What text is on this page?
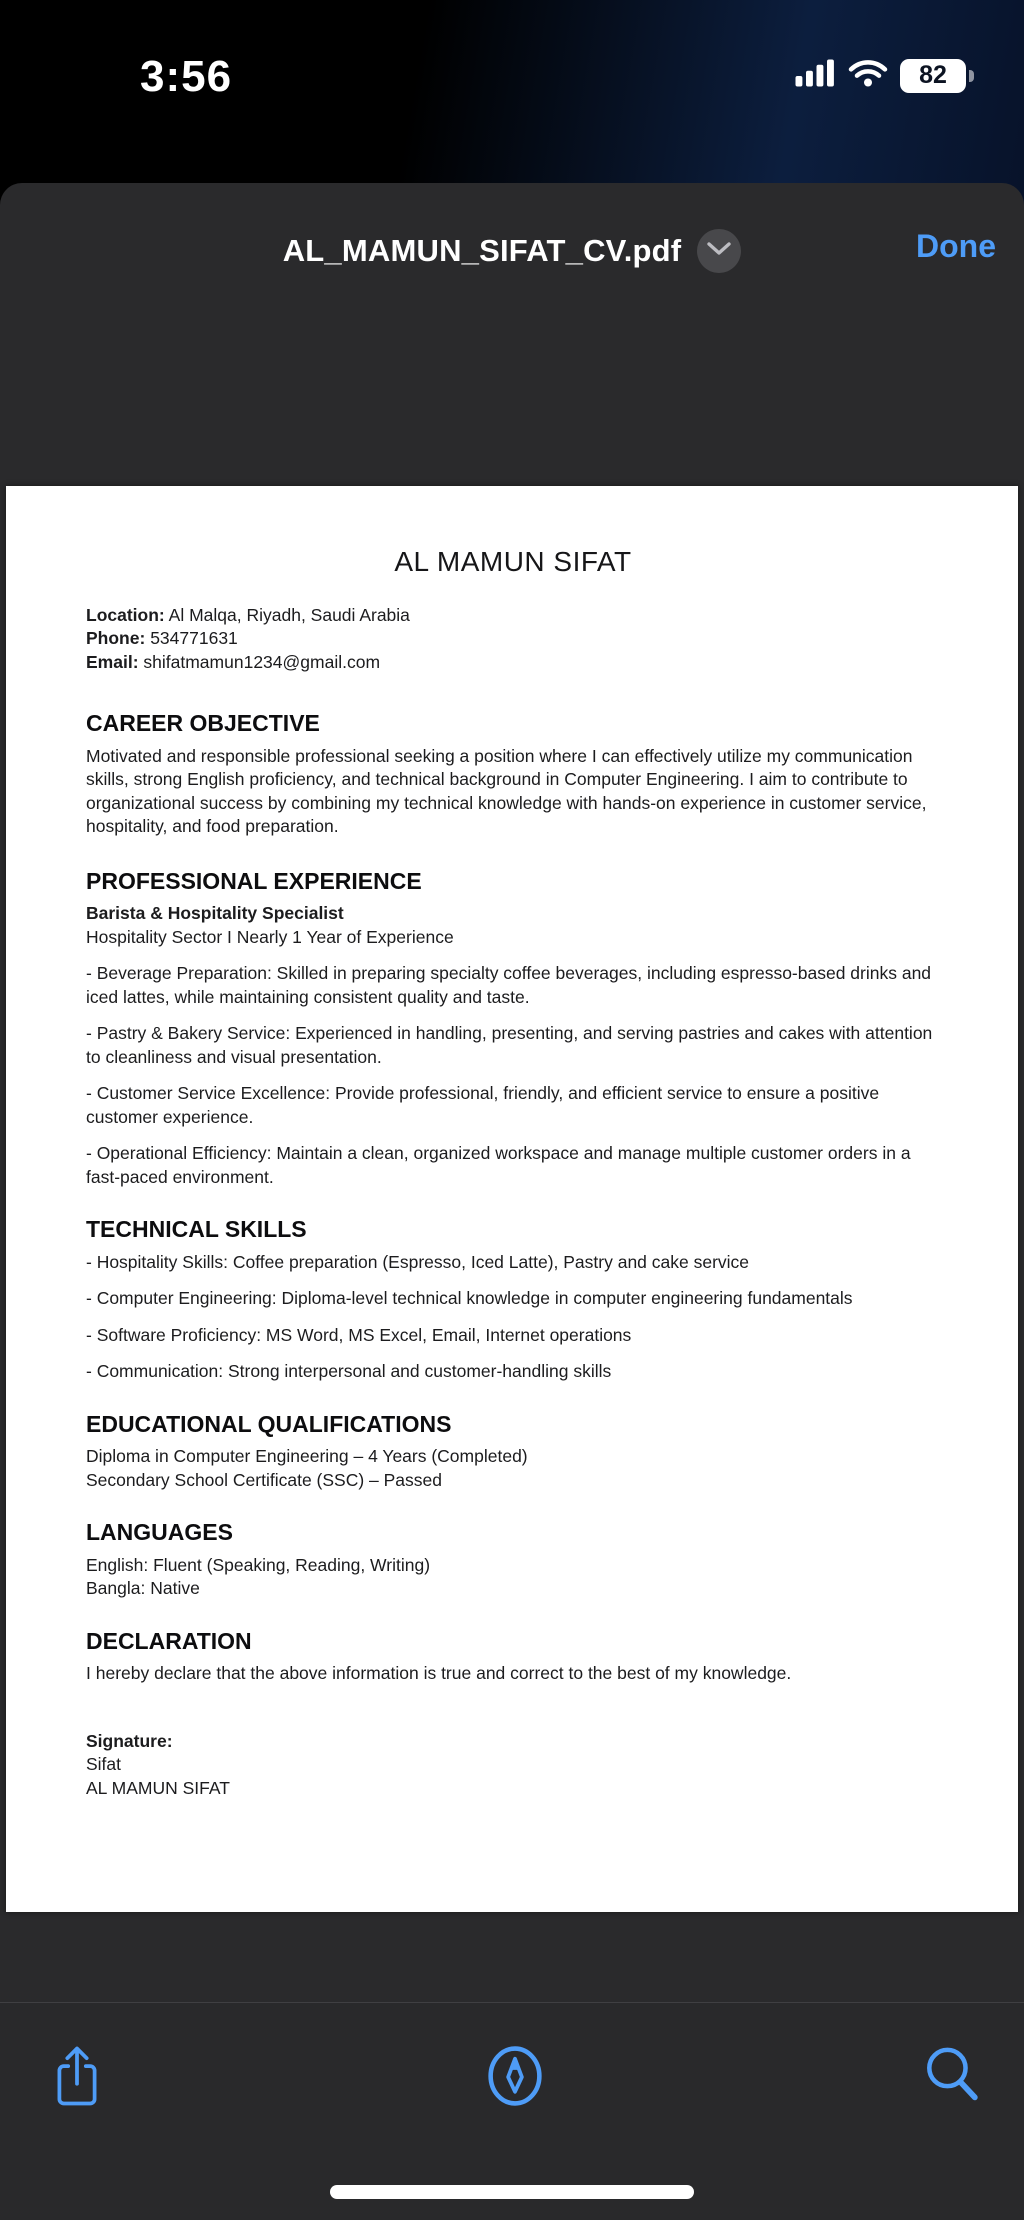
3:56	82
AL_MAMUN_SIFAT_CV.pdf	Done
AL MAMUN SIFAT

Location: Al Malqa, Riyadh, Saudi Arabia

Phone: 534771631

Email: shifatmamun1234@gmail.com

CAREER OBJECTIVE

Motivated and responsible professional seeking a position where I can effectively utilize my communication skills, strong English proficiency, and technical background in Computer Engineering. I aim to contribute to organizational success by combining my technical knowledge with hands-on experience in customer service, hospitality, and food preparation.

PROFESSIONAL EXPERIENCE

Barista & Hospitality Specialist

Hospitality Sector I Nearly 1 Year of Experience

- Beverage Preparation: Skilled in preparing specialty coffee beverages, including espresso-based drinks and iced lattes, while maintaining consistent quality and taste.

- Pastry & Bakery Service: Experienced in handling, presenting, and serving pastries and cakes with attention to cleanliness and visual presentation.

- Customer Service Excellence: Provide professional, friendly, and efficient service to ensure a positive customer experience.

- Operational Efficiency: Maintain a clean, organized workspace and manage multiple customer orders in a fast-paced environment.

TECHNICAL SKILLS

- Hospitality Skills: Coffee preparation (Espresso, Iced Latte), Pastry and cake service

- Computer Engineering: Diploma-level technical knowledge in computer engineering fundamentals

- Software Proficiency: MS Word, MS Excel, Email, Internet operations

- Communication: Strong interpersonal and customer-handling skills

EDUCATIONAL QUALIFICATIONS

Diploma in Computer Engineering – 4 Years (Completed)

Secondary School Certificate (SSC) – Passed

LANGUAGES

English: Fluent (Speaking, Reading, Writing)

Bangla: Native

DECLARATION

I hereby declare that the above information is true and correct to the best of my knowledge.

Signature:

Sifat

AL MAMUN SIFAT
